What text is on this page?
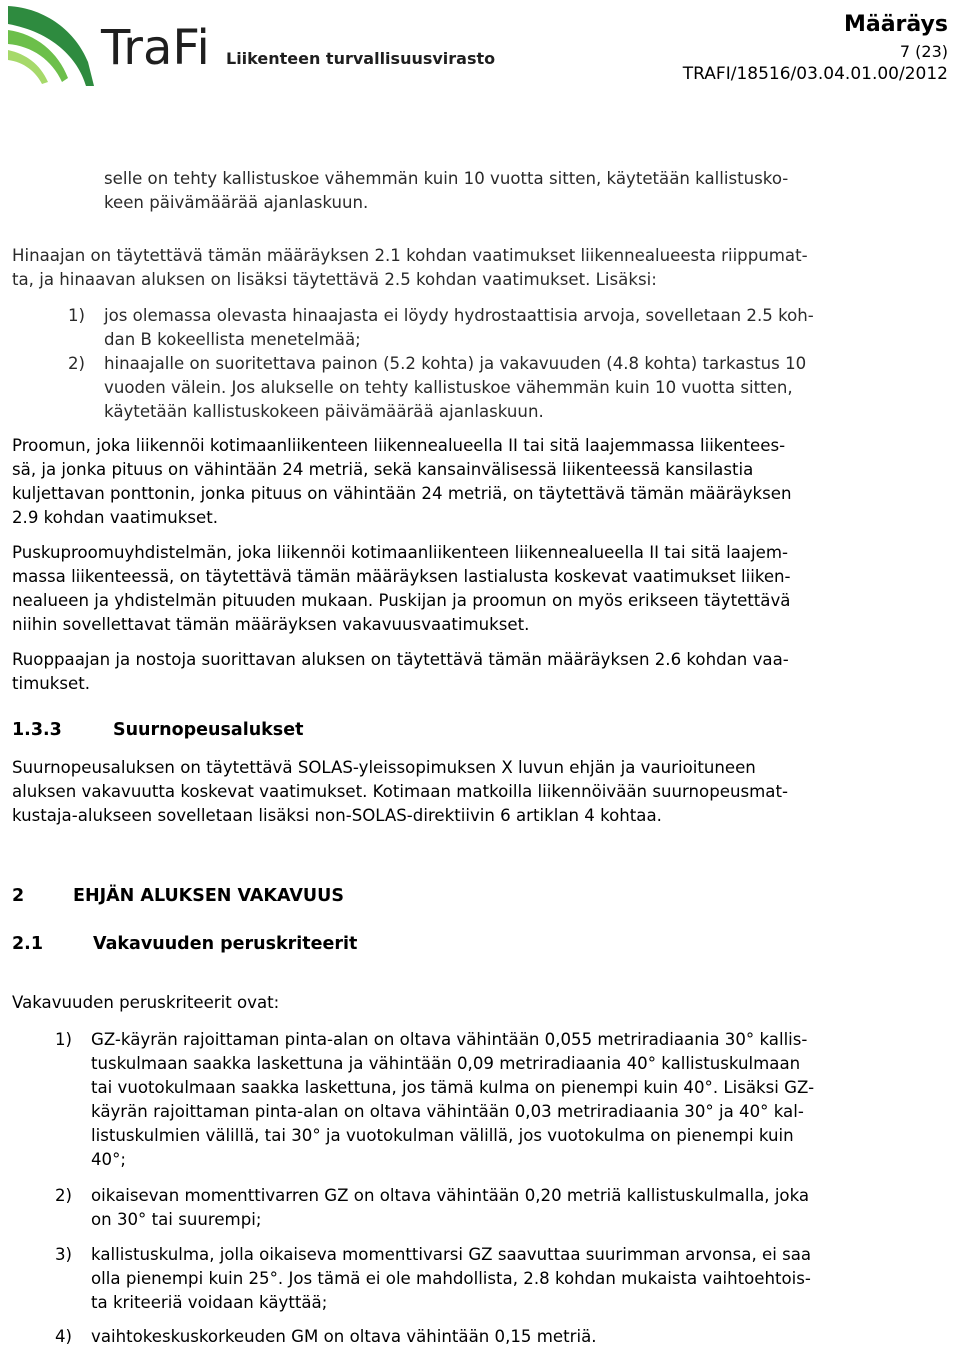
TraFi Liikenteen turvallisuusvirasto
Määräys
7 (23)
TRAFI/18516/03.04.01.00/2012
selle on tehty kallistuskoe vähemmän kuin 10 vuotta sitten, käytetään kallistusko-
keen päivämäärää ajanlaskuun.
Hinaajan on täytettävä tämän määräyksen 2.1 kohdan vaatimukset liikennealueesta riippumat-
ta, ja hinaavan aluksen on lisäksi täytettävä 2.5 kohdan vaatimukset. Lisäksi:
1) jos olemassa olevasta hinaajasta ei löydy hydrostaattisia arvoja, sovelletaan 2.5 koh-
dan B kokeellista menetelmää;
2) hinaajalle on suoritettava painon (5.2 kohta) ja vakavuuden (4.8 kohta) tarkastus 10
vuoden välein. Jos alukselle on tehty kallistuskoe vähemmän kuin 10 vuotta sitten,
käytetään kallistuskokeen päivämäärää ajanlaskuun.
Proomun, joka liikennöi kotimaanliikenteen liikennealueella II tai sitä laajemmassa liikentees-
sä, ja jonka pituus on vähintään 24 metriä, sekä kansainvälisessä liikenteessä kansilastia
kuljettavan ponttonin, jonka pituus on vähintään 24 metriä, on täytettävä tämän määräyksen
2.9 kohdan vaatimukset.
Puskuproomuyhdistelmän, joka liikennöi kotimaanliikenteen liikennealueella II tai sitä laajem-
massa liikenteessä, on täytettävä tämän määräyksen lastialusta koskevat vaatimukset liiken-
nealueen ja yhdistelmän pituuden mukaan. Puskijan ja proomun on myös erikseen täytettävä
niihin sovellettavat tämän määräyksen vakavuusvaatimukset.
Ruoppaajan ja nostoja suorittavan aluksen on täytettävä tämän määräyksen 2.6 kohdan vaa-
timukset.
1.3.3	Suurnopeusalukset
Suurnopeusaluksen on täytettävä SOLAS-yleissopimuksen X luvun ehjän ja vaurioituneen
aluksen vakavuutta koskevat vaatimukset. Kotimaan matkoilla liikennöivään suurnopeusmat-
kustaja-alukseen sovelletaan lisäksi non-SOLAS-direktiivin 6 artiklan 4 kohtaa.
2	EHJÄN ALUKSEN VAKAVUUS
2.1	Vakavuuden peruskriteerit
Vakavuuden peruskriteerit ovat:
1) GZ-käyrän rajoittaman pinta-alan on oltava vähintään 0,055 metriradiaania 30° kallis-
tuskulmaan saakka laskettuna ja vähintään 0,09 metriradiaania 40° kallistuskulmaan
tai vuotokulmaan saakka laskettuna, jos tämä kulma on pienempi kuin 40°. Lisäksi GZ-
käyrän rajoittaman pinta-alan on oltava vähintään 0,03 metriradiaania 30° ja 40° kal-
listuskulmien välillä, tai 30° ja vuotokulman välillä, jos vuotokulma on pienempi kuin
40°;
2) oikaisevan momenttivarren GZ on oltava vähintään 0,20 metriä kallistuskulmalla, joka
on 30° tai suurempi;
3) kallistuskulma, jolla oikaiseva momenttivarsi GZ saavuttaa suurimman arvonsa, ei saa
olla pienempi kuin 25°. Jos tämä ei ole mahdollista, 2.8 kohdan mukaista vaihtoehtois-
ta kriteeriä voidaan käyttää;
4) vaihtokeskuskorkeuden GM on oltava vähintään 0,15 metriä.
